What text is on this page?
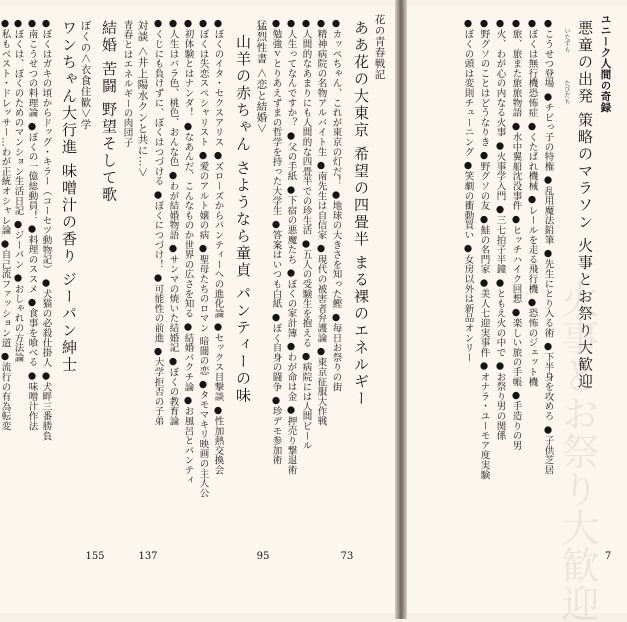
ユニーク人間の奇録
悪童の出発 策略のマラソン 火事とお祭り大歓迎
いたずら
たびだち
●こうせつ登場 ●チビっ子の特権 ●乱用魔法鉛筆 ●先生にとり入る術 ●下半身を攻めろ ●子供芝居
●ぼくは無行機恐怖症 ●くたばれ機械 ●レールを走る飛行機 ●恐怖のジェット機
●旅、旅また旅旅物語 ●水中翼船沈没事件 ●ヒッチハイク回想 ●楽しい旅の手帳 ●手造りの男
●火、わが心の内なる火事 ●火事学入門 ●三七拍子半鐘 ●ともえ火の中で ●お祭り男の関係
●野グソのことはどうなりき ●野グソの友 ●鮭の名門家 ●美人七迎実事件 ●オナラ・ユーモア度実験
●ぼくの頭は変則チューニング ●笑劇の衝動買い ●女房以外は新品オンリー
7
火事とお祭り大歓迎
花の青春戦記
ああ花の大東京 希望の四畳半 まる裸のエネルギー
●カッペちゃん、これが東京の灯だ！ ●地球の大きさを知った鰹 ●毎日お祭りの街
●精神病院の名物アルバイト生 ●南先生は自信家 ●現代の被害者弁護論 ●東京征服大作戦
●人間的なあまりにも人間的な四畳半での珍生活 ●五人の受験生を抱える ●病院には人間ビール
●人生ってなんですか？ ●父の手紙 ●下宿の悪魔たち ●ぼくの家計簿 ●わが命は金 ●押売り撃退術
●勉強ｖとりあえずまの哲学を持った大学生 ●答案はいつも白紙 ●ぼく自身の闘争 ●珍デモ参加術
73
猛烈性書 ＜恋と結婚＞
山羊の赤ちゃん さようなら童貞 パンティーの味
●ぼくのイタ・セクスアリス ●ズローズからパンティーへの進化論 ●セックス目撃談 ●性加熱交換会
●ぼくは失恋スペシャリスト ●愛のアルト嬢の病 ●聖母たちのロマン 暗闇の恋 ●タモマキリ映画の主人公
●初体験とはナンダ！ ●なあんだ、こんなものか世界の広さを知る ●結婚バクチ論 ●お風呂とパンティ
●人生はバラ色、桃色、おんな色 ●わが結婚物語 ●サンマの焼いた結婚記 ●ぼくの教育論
●くじにも負けずに、ぼくはつづける ●ぼくにつづけ！ ●可能性の前進 ●大学拒否の子弟
95
対談 ＜井上陽水クンと共に…＞
青春とはエネルギーの肉団子
結婚 苦闘 野望そして歌
137
ぼくの＜衣食住歓＞学
ワンちゃん大行進 味噌汁の香り ジーパン紳士
●ぼくはガキの頃からドッグ・キラー（コーセツ動物記） ●犬猫の必殺仕掛人 ●犬畔三番勝負
●南こうせつの料理論 ●ぼくの一億総動員！ ●料理のススメ ●食事を喰べる ●味噌汁作法
●ぼくは、ぼくのためのマンション生活日記 ●ジーパン ●おしゃれの方法論
●私もベスト・ドレッサー…わが正統オシャレ論 ●自己流ファッション道 ●流行の有為転変
155
